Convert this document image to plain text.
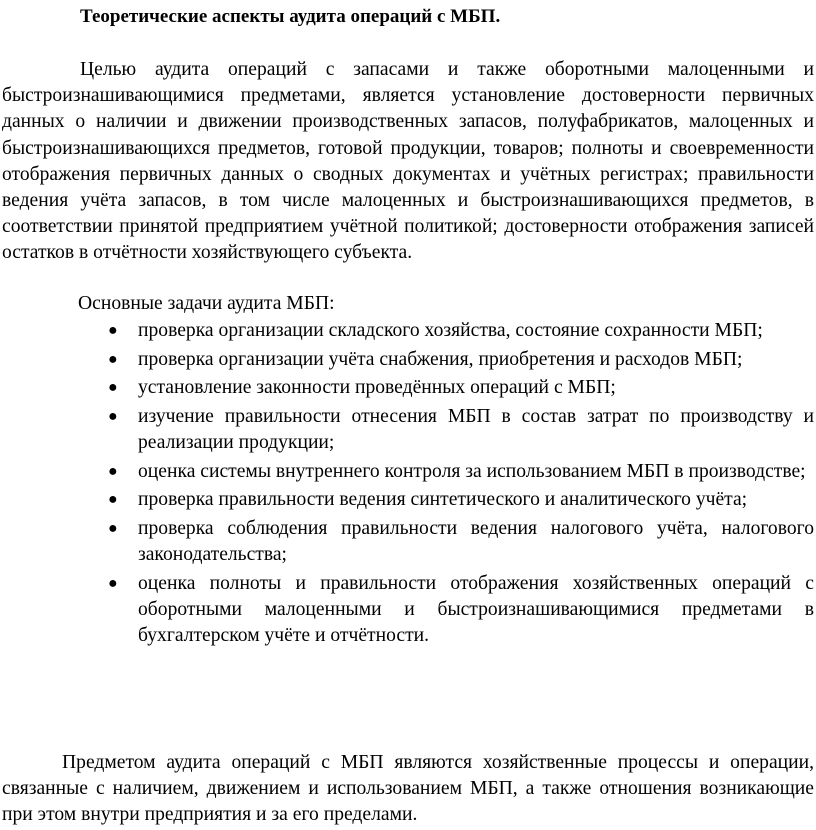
Теоретические аспекты аудита операций с МБП.

Целью аудита операций с запасами и также оборотными малоценными и быстроизнашивающимися предметами, является установление достоверности первичных данных о наличии и движении производственных запасов, полуфабрикатов, малоценных и быстроизнашивающихся предметов, готовой продукции, товаров; полноты и своевременности отображения первичных данных о сводных документах и учётных регистрах; правильности ведения учёта запасов, в том числе малоценных и быстроизнашивающихся предметов, в соответствии принятой предприятием учётной политикой; достоверности отображения записей остатков в отчётности хозяйствующего субъекта.

Основные задачи аудита МБП:
● проверка организации складского хозяйства, состояние сохранности МБП;
● проверка организации учёта снабжения, приобретения и расходов МБП;
● установление законности проведённых операций с МБП;
● изучение правильности отнесения МБП в состав затрат по производству и реализации продукции;
● оценка системы внутреннего контроля за использованием МБП в производстве;
● проверка правильности ведения синтетического и аналитического учёта;
● проверка соблюдения правильности ведения налогового учёта, налогового законодательства;
● оценка полноты и правильности отображения хозяйственных операций с оборотными малоценными и быстроизнашивающимися предметами в бухгалтерском учёте и отчётности.

Предметом аудита операций с МБП являются хозяйственные процессы и операции, связанные с наличием, движением и использованием МБП, а также отношения возникающие при этом внутри предприятия и за его пределами.
